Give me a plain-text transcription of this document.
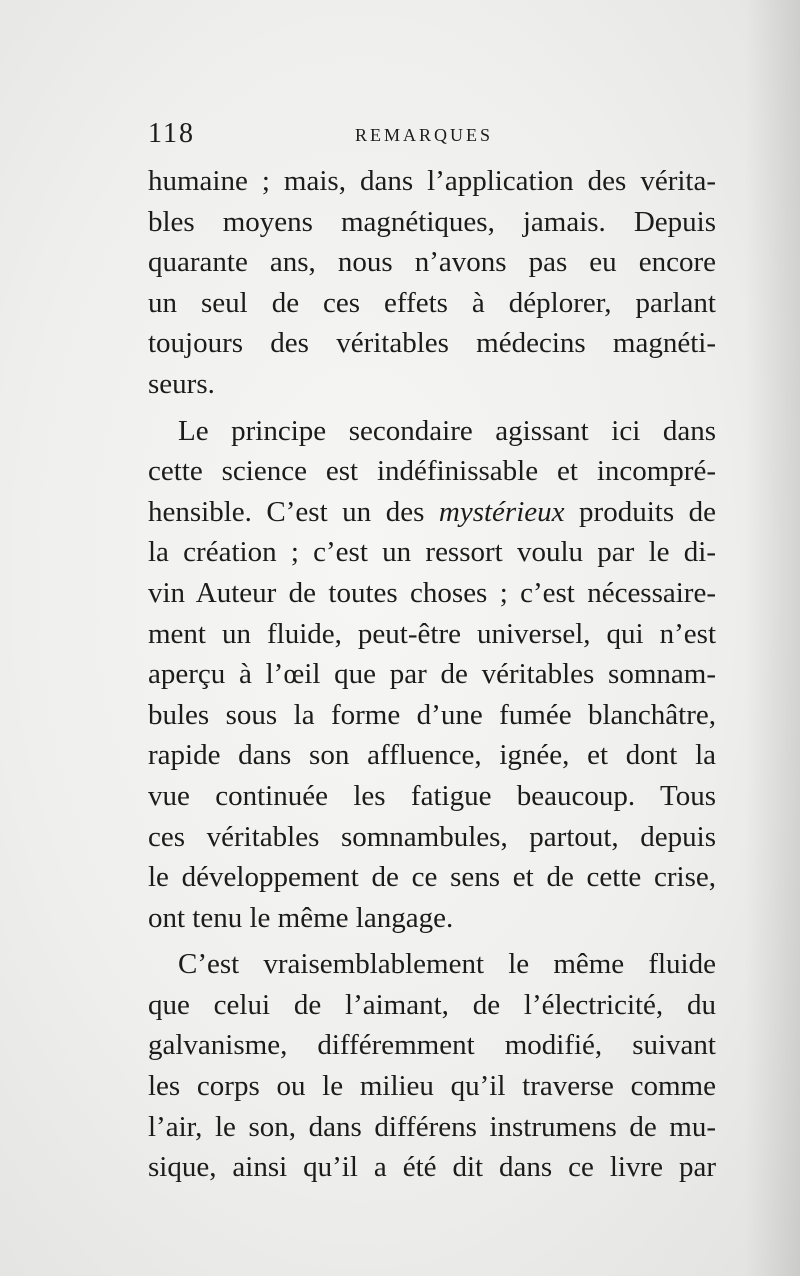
118	REMARQUES
humaine ; mais, dans l’application des vérita-
bles moyens magnétiques, jamais. Depuis
quarante ans, nous n’avons pas eu encore
un seul de ces effets à déplorer, parlant
toujours des véritables médecins magnéti-
seurs.
Le principe secondaire agissant ici dans
cette science est indéfinissable et incompré-
hensible. C’est un des mystérieux produits de
la création ; c’est un ressort voulu par le di-
vin Auteur de toutes choses ; c’est nécessaire-
ment un fluide, peut-être universel, qui n’est
aperçu à l’œil que par de véritables somnam-
bules sous la forme d’une fumée blanchâtre,
rapide dans son affluence, ignée, et dont la
vue continuée les fatigue beaucoup. Tous
ces véritables somnambules, partout, depuis
le développement de ce sens et de cette crise,
ont tenu le même langage.
C’est vraisemblablement le même fluide
que celui de l’aimant, de l’électricité, du
galvanisme, différemment modifié, suivant
les corps ou le milieu qu’il traverse comme
l’air, le son, dans différens instrumens de mu-
sique, ainsi qu’il a été dit dans ce livre par
